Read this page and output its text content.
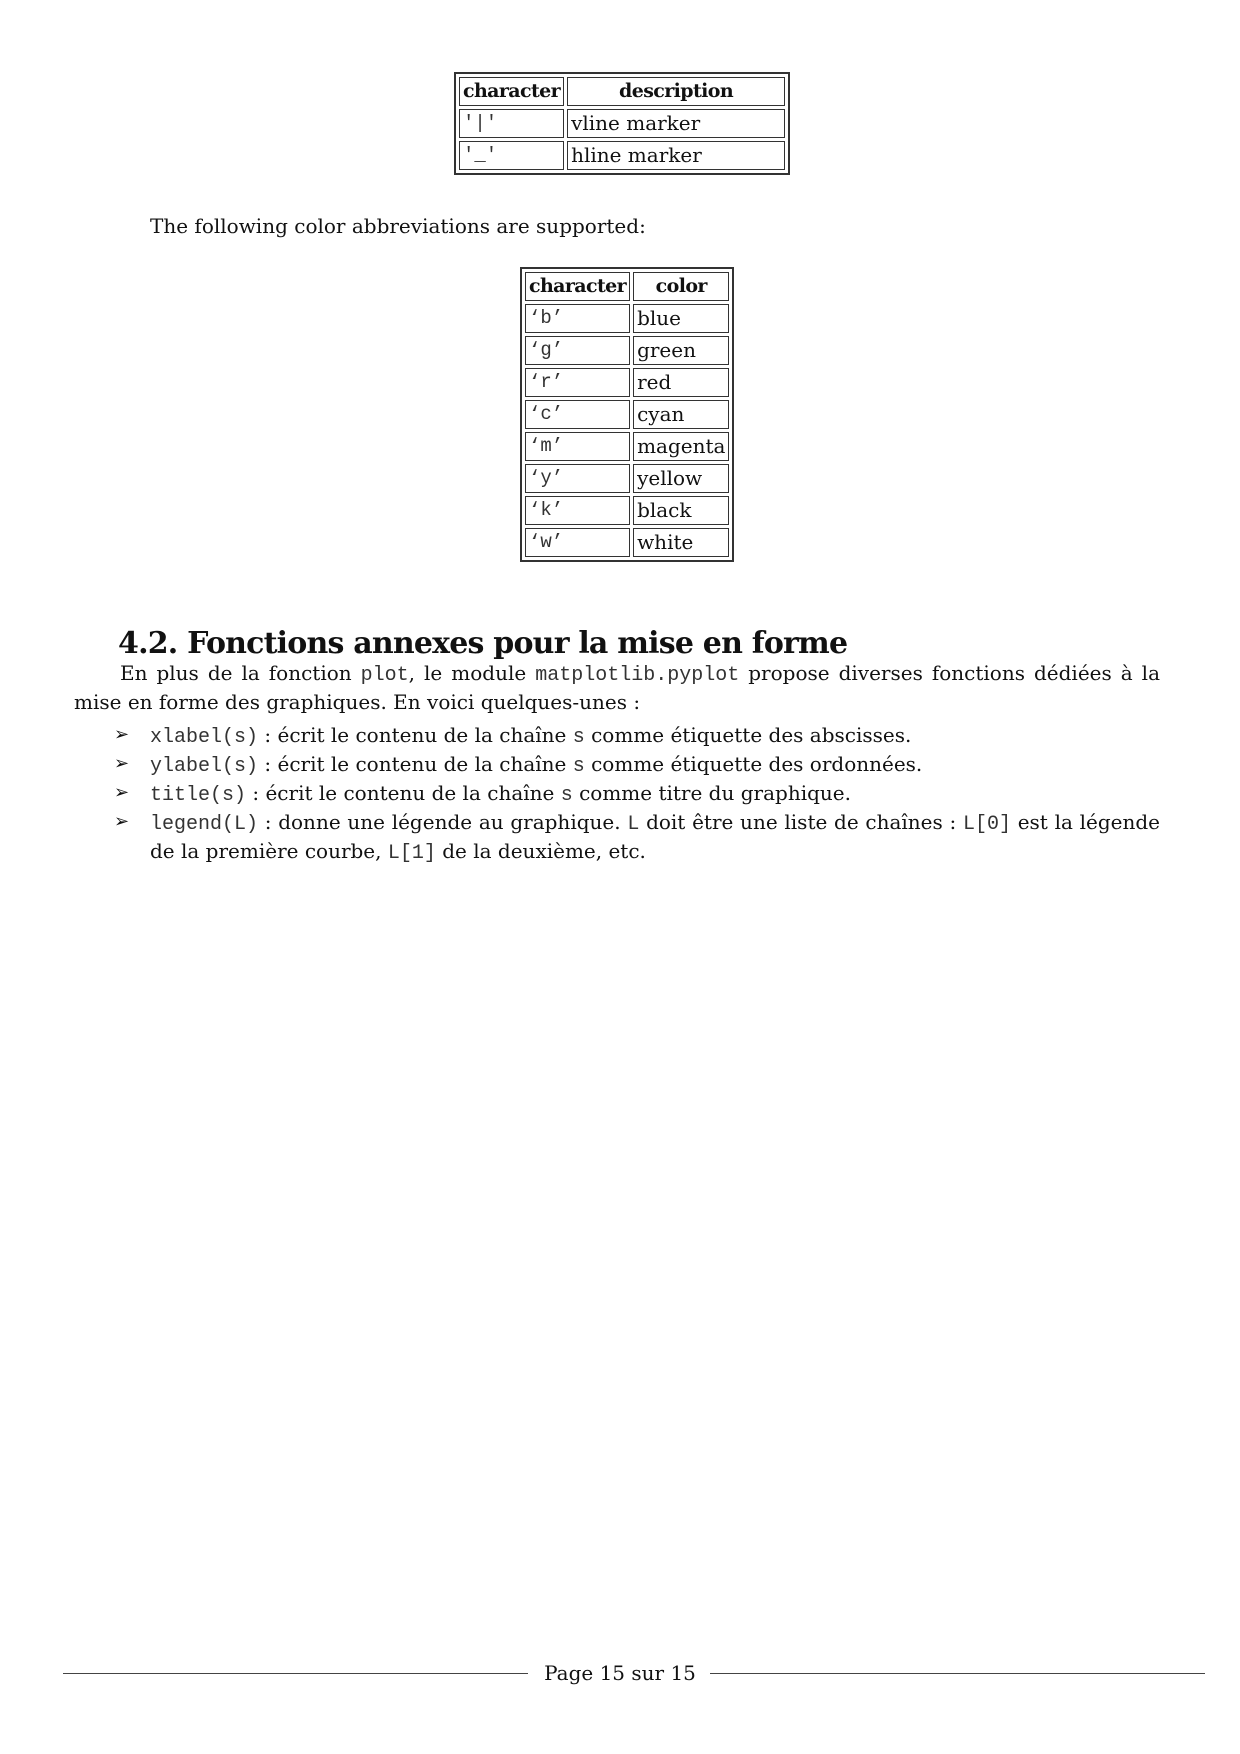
character	description
'|'	vline marker
'_'	hline marker

The following color abbreviations are supported:

character	color
‘b’	blue
‘g’	green
‘r’	red
‘c’	cyan
‘m’	magenta
‘y’	yellow
‘k’	black
‘w’	white
4.2. Fonctions annexes pour la mise en forme

En plus de la fonction plot, le module matplotlib.pyplot propose diverses fonctions dédiées à la mise en forme des graphiques. En voici quelques-unes :

➢ xlabel(s) : écrit le contenu de la chaîne s comme étiquette des abscisses.
➢ ylabel(s) : écrit le contenu de la chaîne s comme étiquette des ordonnées.
➢ title(s) : écrit le contenu de la chaîne s comme titre du graphique.
➢ legend(L) : donne une légende au graphique. L doit être une liste de chaînes : L[0] est la légende de la première courbe, L[1] de la deuxième, etc.
Page 15 sur 15
